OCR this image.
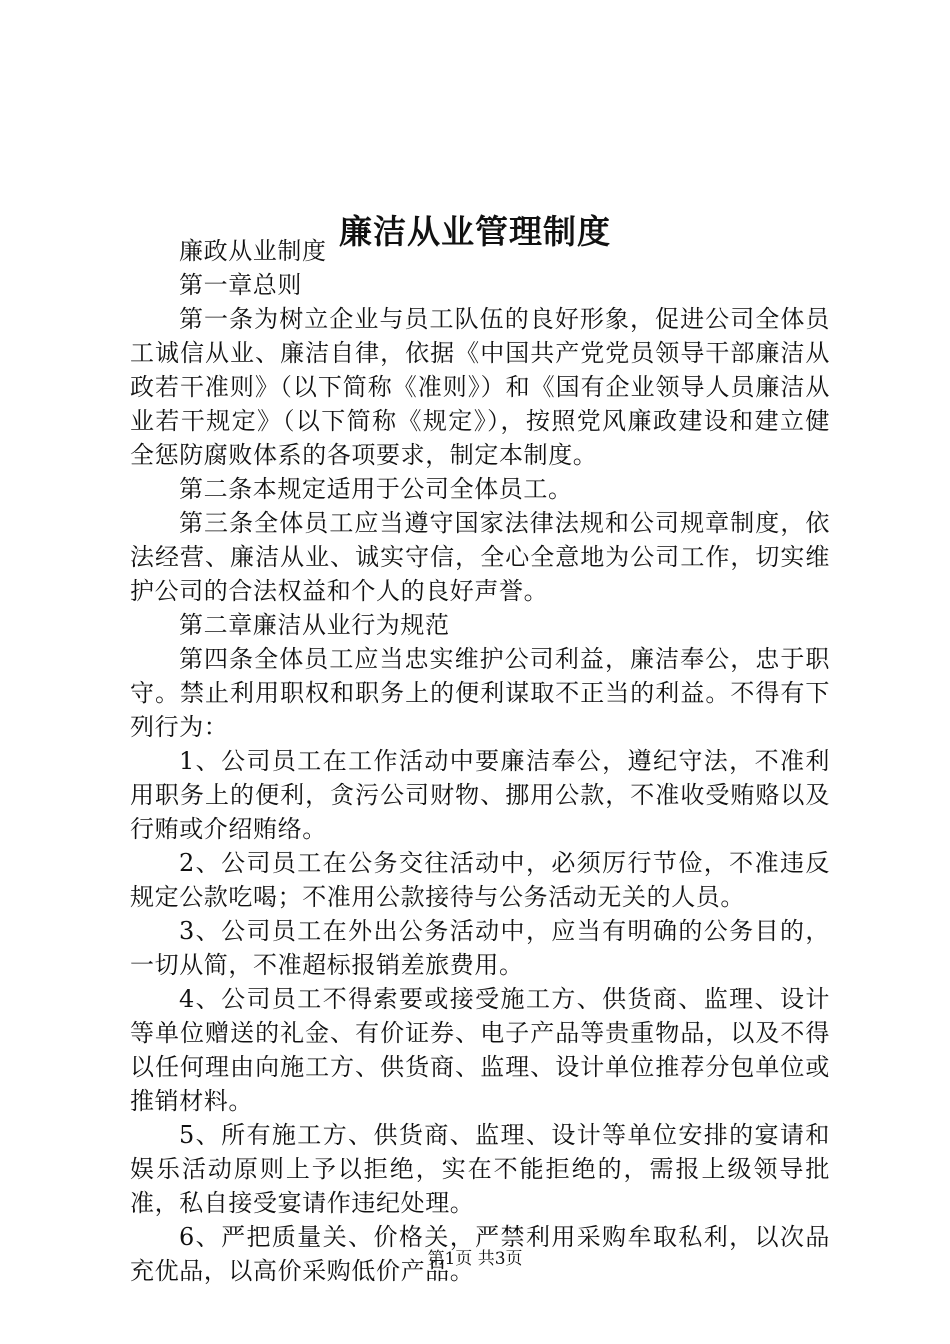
廉洁从业管理制度

廉政从业制度

第一章总则

第一条为树立企业与员工队伍的良好形象，促进公司全体员工诚信从业、廉洁自律，依据《中国共产党党员领导干部廉洁从政若干准则》（以下简称《准则》）和《国有企业领导人员廉洁从业若干规定》（以下简称《规定》），按照党风廉政建设和建立健全惩防腐败体系的各项要求，制定本制度。

第二条本规定适用于公司全体员工。

第三条全体员工应当遵守国家法律法规和公司规章制度，依法经营、廉洁从业、诚实守信，全心全意地为公司工作，切实维护公司的合法权益和个人的良好声誉。

第二章廉洁从业行为规范

第四条全体员工应当忠实维护公司利益，廉洁奉公，忠于职守。禁止利用职权和职务上的便利谋取不正当的利益。不得有下列行为：

1、公司员工在工作活动中要廉洁奉公，遵纪守法，不准利用职务上的便利，贪污公司财物、挪用公款，不准收受贿赂以及行贿或介绍贿络。

2、公司员工在公务交往活动中，必须厉行节俭，不准违反规定公款吃喝；不准用公款接待与公务活动无关的人员。

3、公司员工在外出公务活动中，应当有明确的公务目的，一切从简，不准超标报销差旅费用。

4、公司员工不得索要或接受施工方、供货商、监理、设计等单位赠送的礼金、有价证券、电子产品等贵重物品，以及不得以任何理由向施工方、供货商、监理、设计单位推荐分包单位或推销材料。

5、所有施工方、供货商、监理、设计等单位安排的宴请和娱乐活动原则上予以拒绝，实在不能拒绝的，需报上级领导批准，私自接受宴请作违纪处理。

6、严把质量关、价格关，严禁利用采购牟取私利，以次品充优品，以高价采购低价产品。

第1页 共3页
